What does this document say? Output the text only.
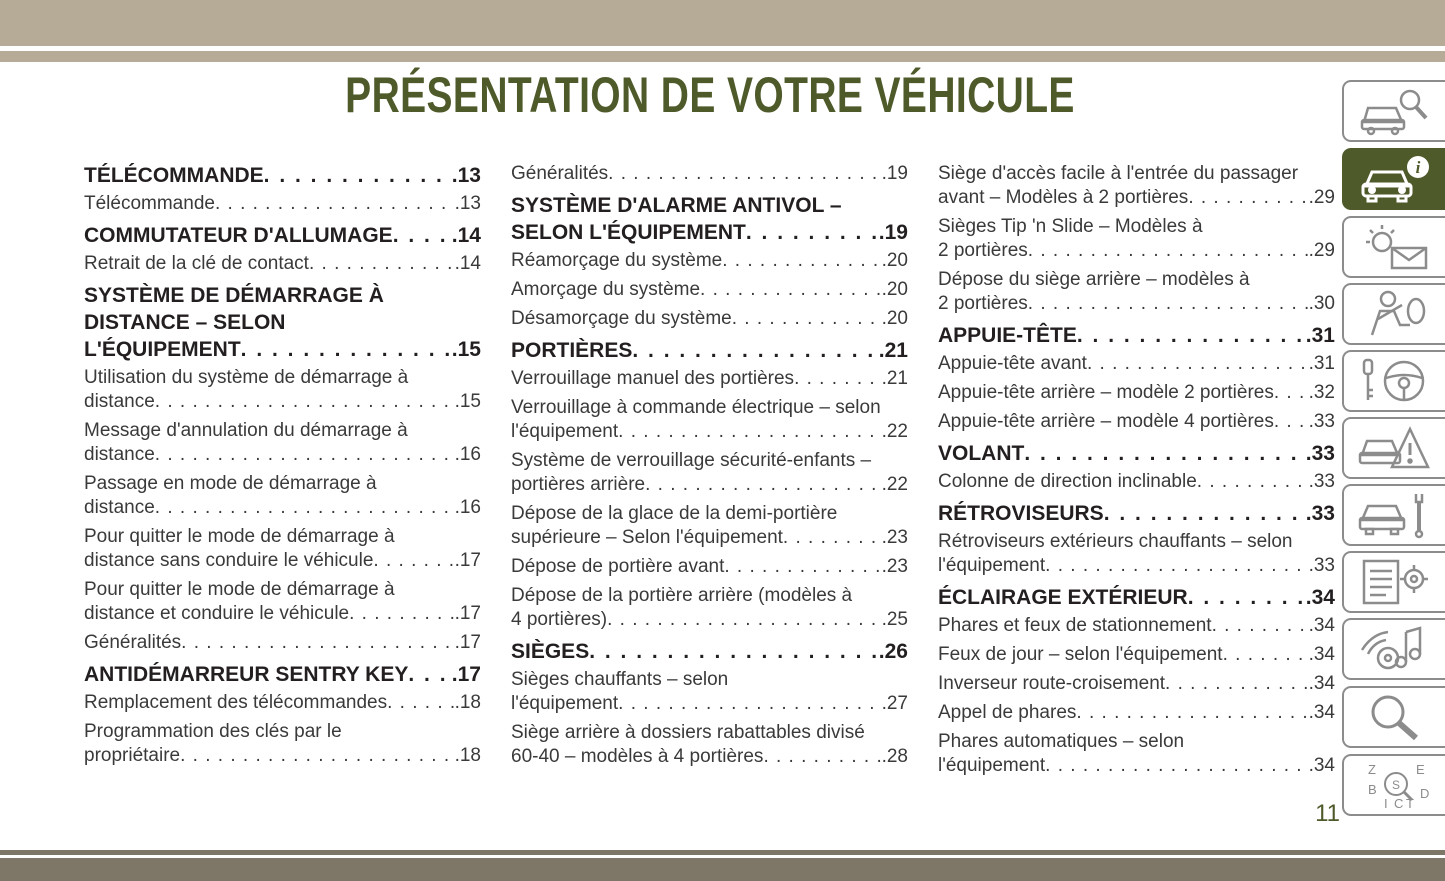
PRÉSENTATION DE VOTRE VÉHICULE
TÉLÉCOMMANDE . . .	.13
Télécommande . . .	.13
COMMUTATEUR D'ALLUMAGE . . .	.14
Retrait de la clé de contact . . .	.14
SYSTÈME DE DÉMARRAGE À
DISTANCE – SELON
L'ÉQUIPEMENT . . .	.15
Utilisation du système de démarrage à
distance . . .	.15
Message d'annulation du démarrage à
distance . . .	.16
Passage en mode de démarrage à
distance . . .	.16
Pour quitter le mode de démarrage à
distance sans conduire le véhicule . . .	.17
Pour quitter le mode de démarrage à
distance et conduire le véhicule . . .	.17
Généralités . . .	.17
ANTIDÉMARREUR SENTRY KEY . . . .17
Remplacement des télécommandes . . .	.18
Programmation des clés par le
propriétaire . . .	.18
Généralités . . .	.19
SYSTÈME D'ALARME ANTIVOL –
SELON L'ÉQUIPEMENT . . .	.19
Réamorçage du système . . .	.20
Amorçage du système . . .	.20
Désamorçage du système . . .	.20
PORTIÈRES . . .	.21
Verrouillage manuel des portières . . .	.21
Verrouillage à commande électrique – selon
l'équipement . . .	.22
Système de verrouillage sécurité-enfants –
portières arrière . . .	.22
Dépose de la glace de la demi-portière
supérieure – Selon l'équipement . . .	.23
Dépose de portière avant . . .	.23
Dépose de la portière arrière (modèles à
4 portières) . . .	.25
SIÈGES . . .	.26
Sièges chauffants – selon
l'équipement . . .	.27
Siège arrière à dossiers rabattables divisé
60-40 – modèles à 4 portières . . .	.28
Siège d'accès facile à l'entrée du passager
avant – Modèles à 2 portières . . .	.29
Sièges Tip 'n Slide – Modèles à
2 portières . . .	.29
Dépose du siège arrière – modèles à
2 portières . . .	.30
APPUIE-TÊTE . . .	.31
Appuie-tête avant . . .	.31
Appuie-tête arrière – modèle 2 portières . . . .32
Appuie-tête arrière – modèle 4 portières . . . .33
VOLANT . . .	.33
Colonne de direction inclinable . . .	.33
RÉTROVISEURS . . .	.33
Rétroviseurs extérieurs chauffants – selon
l'équipement . . .	.33
ÉCLAIRAGE EXTÉRIEUR . . .	.34
Phares et feux de stationnement . . .	.34
Feux de jour – selon l'équipement . . .	.34
Inverseur route-croisement . . .	.34
Appel de phares . . .	.34
Phares automatiques – selon
l'équipement . . .	.34
i
Z	E
B	D
I C T
S
11
